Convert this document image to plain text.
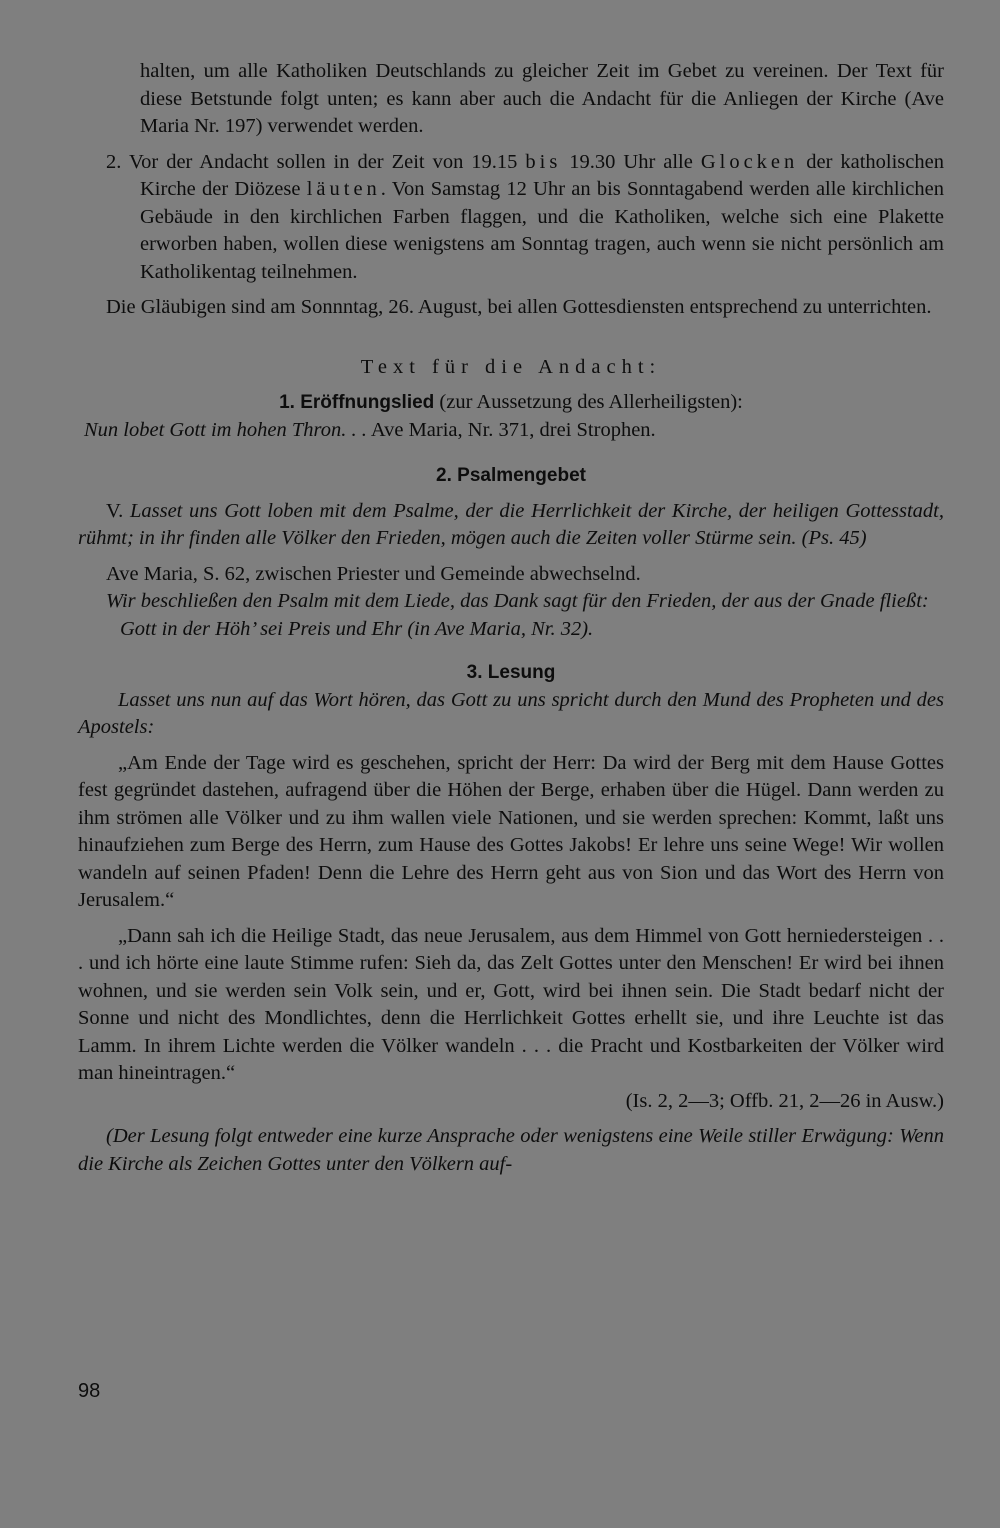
halten, um alle Katholiken Deutschlands zu gleicher Zeit im Gebet zu vereinen. Der Text für diese Betstunde folgt unten; es kann aber auch die Andacht für die Anliegen der Kirche (Ave Maria Nr. 197) verwendet werden.

2. Vor der Andacht sollen in der Zeit von 19.15 bis 19.30 Uhr alle Glocken der katholischen Kirche der Diözese läuten. Von Samstag 12 Uhr an bis Sonntagabend werden alle kirchlichen Gebäude in den kirchlichen Farben flaggen, und die Katholiken, welche sich eine Plakette erworben haben, wollen diese wenigstens am Sonntag tragen, auch wenn sie nicht persönlich am Katholikentag teilnehmen.

Die Gläubigen sind am Sonnntag, 26. August, bei allen Gottesdiensten entsprechend zu unterrichten.

Text für die Andacht:

1. Eröffnungslied (zur Aussetzung des Allerheiligsten):

Nun lobet Gott im hohen Thron. . . Ave Maria, Nr. 371, drei Strophen.

2. Psalmengebet

V. Lasset uns Gott loben mit dem Psalme, der die Herrlichkeit der Kirche, der heiligen Gottesstadt, rühmt; in ihr finden alle Völker den Frieden, mögen auch die Zeiten voller Stürme sein. (Ps. 45)

Ave Maria, S. 62, zwischen Priester und Gemeinde abwechselnd.

Wir beschließen den Psalm mit dem Liede, das Dank sagt für den Frieden, der aus der Gnade fließt:

Gott in der Höh’ sei Preis und Ehr (in Ave Maria, Nr. 32).

3. Lesung

Lasset uns nun auf das Wort hören, das Gott zu uns spricht durch den Mund des Propheten und des Apostels:

„Am Ende der Tage wird es geschehen, spricht der Herr: Da wird der Berg mit dem Hause Gottes fest gegründet dastehen, aufragend über die Höhen der Berge, erhaben über die Hügel. Dann werden zu ihm strömen alle Völker und zu ihm wallen viele Nationen, und sie werden sprechen: Kommt, laßt uns hinaufziehen zum Berge des Herrn, zum Hause des Gottes Jakobs! Er lehre uns seine Wege! Wir wollen wandeln auf seinen Pfaden! Denn die Lehre des Herrn geht aus von Sion und das Wort des Herrn von Jerusalem.“

„Dann sah ich die Heilige Stadt, das neue Jerusalem, aus dem Himmel von Gott herniedersteigen . . . und ich hörte eine laute Stimme rufen: Sieh da, das Zelt Gottes unter den Menschen! Er wird bei ihnen wohnen, und sie werden sein Volk sein, und er, Gott, wird bei ihnen sein. Die Stadt bedarf nicht der Sonne und nicht des Mondlichtes, denn die Herrlichkeit Gottes erhellt sie, und ihre Leuchte ist das Lamm. In ihrem Lichte werden die Völker wandeln . . . die Pracht und Kostbarkeiten der Völker wird man hineintragen.“

(Is. 2, 2—3; Offb. 21, 2—26 in Ausw.)

(Der Lesung folgt entweder eine kurze Ansprache oder wenigstens eine Weile stiller Erwägung: Wenn die Kirche als Zeichen Gottes unter den Völkern auf-

98
